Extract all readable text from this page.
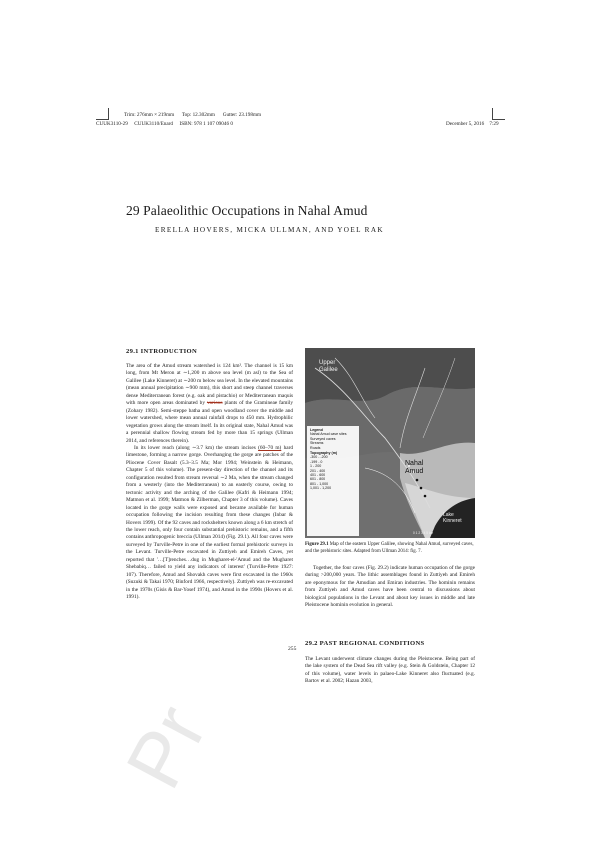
Pr
Trim: 276mm × 219mm Top: 12.302mm Gutter: 23.198mm
CUUK3110-29 CUUK3110/Enard ISBN: 978 1 107 09046 0	December 5, 2016 7:29
29 Palaeolithic Occupations in Nahal Amud
ERELLA HOVERS, MICKA ULLMAN, AND YOEL RAK
29.1 INTRODUCTION

The area of the Amud stream watershed is 124 km². The channel is 15 km long, from Mt Meron at ∼1,200 m above sea level (m asl) to the Sea of Galilee (Lake Kinneret) at ∼200 m below sea level. In the elevated mountains (mean annual precipitation ∼900 mm), this short and steep channel traverses dense Mediterranean forest (e.g. oak and pistachio) or Mediterranean maquis with more open areas dominated by various plants of the Gramineae family (Zohary 1982). Semi-steppe batha and open woodland cover the middle and lower watershed, where mean annual rainfall drops to 450 mm. Hydrophilic vegetation grows along the stream itself. In its original state, Nahal Amud was a perennial shallow flowing stream fed by more than 15 springs (Ullman 2014, and references therein).

In its lower reach (along ∼3.7 km) the stream incises (60–70 m) hard limestone, forming a narrow gorge. Overhanging the gorge are patches of the Pliocene Cover Basalt (5.3–3.5 Ma; Mor 1994; Weinstein & Heimann, Chapter 5 of this volume). The present-day direction of the channel and its configuration resulted from stream reversal ∼2 Ma, when the stream changed from a westerly (into the Mediterranean) to an easterly course, owing to tectonic activity and the arching of the Galilee (Kafri & Heimann 1994; Matmon et al. 1999; Matmon & Zilberman, Chapter 3 of this volume). Caves located in the gorge walls were exposed and became available for human occupation following the incision resulting from these changes (Inbar & Hovers 1999). Of the 92 caves and rockshelters known along a 6 km stretch of the lower reach, only four contain substantial prehistoric remains, and a fifth contains anthropogenic breccia (Ullman 2014) (Fig. 29.1). All four caves were surveyed by Turville-Petre in one of the earliest formal prehistoric surveys in the Levant. Turville-Petre excavated in Zuttiyeh and Emireh Caves, yet reported that '…[T]renches…dug in Mugharet-el-'Amud and the Mugharet Shebabiq… failed to yield any indicators of interest' (Turville-Petre 1927: 107). Therefore, Amud and Shovakh caves were first excavated in the 1960s (Suzuki & Takai 1970; Binford 1966, respectively). Zuttiyeh was re-excavated in the 1970s (Gisis & Bar-Yosef 1974), and Amud in the 1990s (Hovers et al. 1991).

Upper Galilee
Nahal Amud
Lake Kinneret
Legend
Nahal Amud cave sites
Surveyed caves
Streams
Roads
Topography (m)
-300 - -200
-199 - 0
1 - 200
201 - 400
401 - 600
601 - 800
801 - 1,000
1,001 - 1,200
0 1 2 3 4 5 km
Figure 29.1 Map of the eastern Upper Galilee, showing Nahal Amud, surveyed caves, and the prehistoric sites. Adapted from Ullman 2014: fig. 7.

Together, the four caves (Fig. 29.2) indicate human occupation of the gorge during >200,000 years. The lithic assemblages found in Zuttiyeh and Emireh are eponymous for the Amudian and Emiran industries. The hominin remains from Zuttiyeh and Amud caves have been central to discussions about biological populations in the Levant and about key issues in middle and late Pleistocene hominin evolution in general.

29.2 PAST REGIONAL CONDITIONS

The Levant underwent climate changes during the Pleistocene. Being part of the lake system of the Dead Sea rift valley (e.g. Stein & Goldstein, Chapter 12 of this volume), water levels in palaeo-Lake Kinneret also fluctuated (e.g. Bartov et al. 2002; Hazan 2003,

255
